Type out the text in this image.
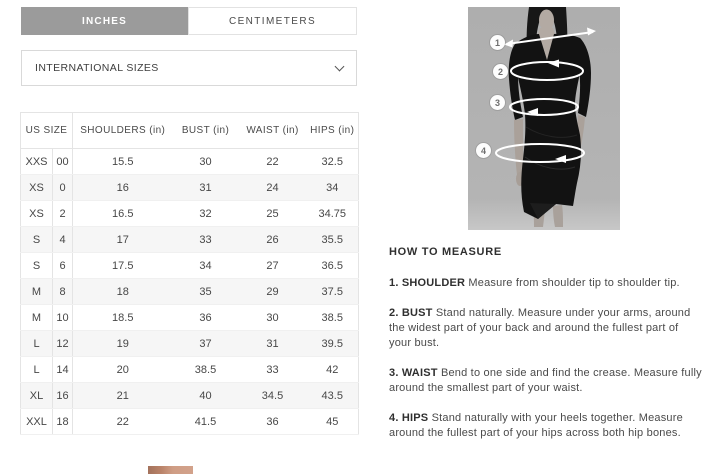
INCHES	CENTIMETERS
INTERNATIONAL SIZES
US SIZE		SHOULDERS (in)	BUST (in)	WAIST (in)	HIPS (in)
XXS	00	15.5	30	22	32.5
XS	0	16	31	24	34
XS	2	16.5	32	25	34.75
S	4	17	33	26	35.5
S	6	17.5	34	27	36.5
M	8	18	35	29	37.5
M	10	18.5	36	30	38.5
L	12	19	37	31	39.5
L	14	20	38.5	33	42
XL	16	21	40	34.5	43.5
XXL	18	22	41.5	36	45
1
2
3
4
HOW TO MEASURE

1. SHOULDER Measure from shoulder tip to shoulder tip.

2. BUST Stand naturally. Measure under your arms, around the widest part of your back and around the fullest part of your bust.

3. WAIST Bend to one side and find the crease. Measure fully around the smallest part of your waist.

4. HIPS Stand naturally with your heels together. Measure around the fullest part of your hips across both hip bones.
